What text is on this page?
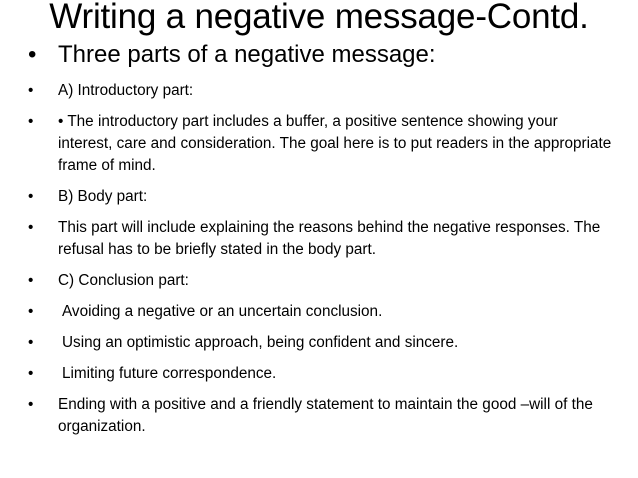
Writing a negative message-Contd.
• Three parts of a negative message:
• A) Introductory part:
• • The introductory part includes a buffer, a positive sentence showing your interest, care and consideration. The goal here is to put readers in the appropriate frame of mind.
• B) Body part:
• This part will include explaining the reasons behind the negative responses. The refusal has to be briefly stated in the body part.
• C) Conclusion part:
• Avoiding a negative or an uncertain conclusion.
• Using an optimistic approach, being confident and sincere.
• Limiting future correspondence.
• Ending with a positive and a friendly statement to maintain the good –will of the organization.
